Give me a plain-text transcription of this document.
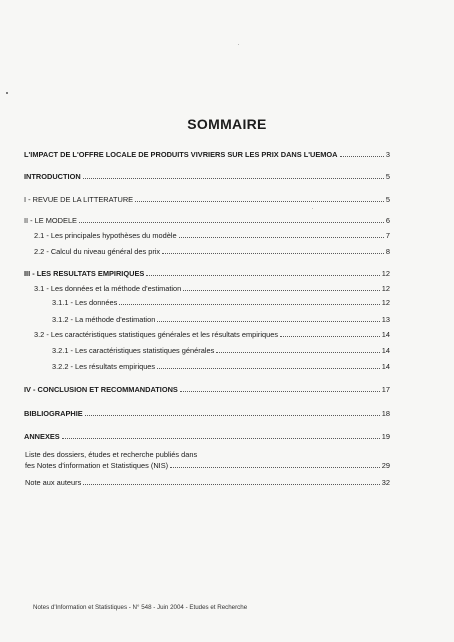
SOMMAIRE
L'IMPACT DE L'OFFRE LOCALE DE PRODUITS VIVRIERS SUR LES PRIX DANS L'UEMOA	3
INTRODUCTION	5
I - REVUE DE LA LITTERATURE	5
II - LE MODELE	6
2.1 - Les principales hypothèses du modèle	7
2.2 - Calcul du niveau général des prix	8
III - LES RESULTATS EMPIRIQUES	12
3.1 - Les données et la méthode d'estimation	12
3.1.1 - Les données	12
3.1.2 - La méthode d'estimation	13
3.2 - Les caractéristiques statistiques générales et les résultats empiriques	14
3.2.1 - Les caractéristiques statistiques générales	14
3.2.2 - Les résultats empiriques	14
IV - CONCLUSION ET RECOMMANDATIONS	17
BIBLIOGRAPHIE	18
ANNEXES	19
Liste des dossiers, études et recherche publiés dans
fes Notes d'information et Statistiques (NIS)	29
Note aux auteurs	32
Notes d'Information et Statistiques - N° 548 - Juin 2004 - Etudes et Recherche
